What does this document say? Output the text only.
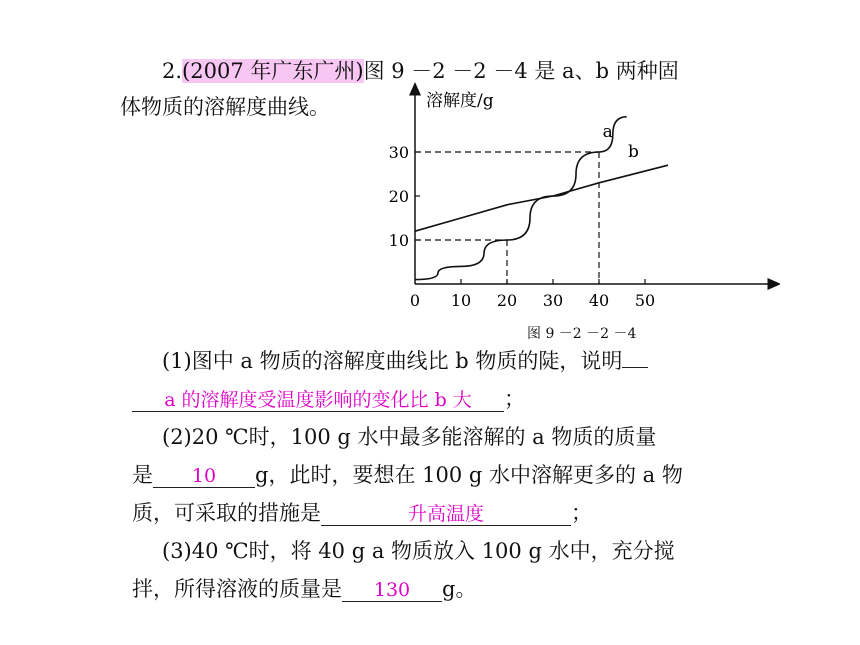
2.(2007 年广东广州)图 9 －2 －2 －4 是 a、b 两种固
体物质的溶解度曲线。	溶解度/g
a
b
0 10 20 30 40 50
10
20
30
图 9 －2 －2 －4
(1)图中 a 物质的溶解度曲线比 b 物质的陡，说明
a 的溶解度受温度影响的变化比 b 大 ；
(2)20 ℃时，100 g 水中最多能溶解的 a 物质的质量
是 10 g，此时，要想在 100 g 水中溶解更多的 a 物
质，可采取的措施是	升高温度	；
(3)40 ℃时，将 40 g a 物质放入 100 g 水中，充分搅
拌，所得溶液的质量是 130 g。
